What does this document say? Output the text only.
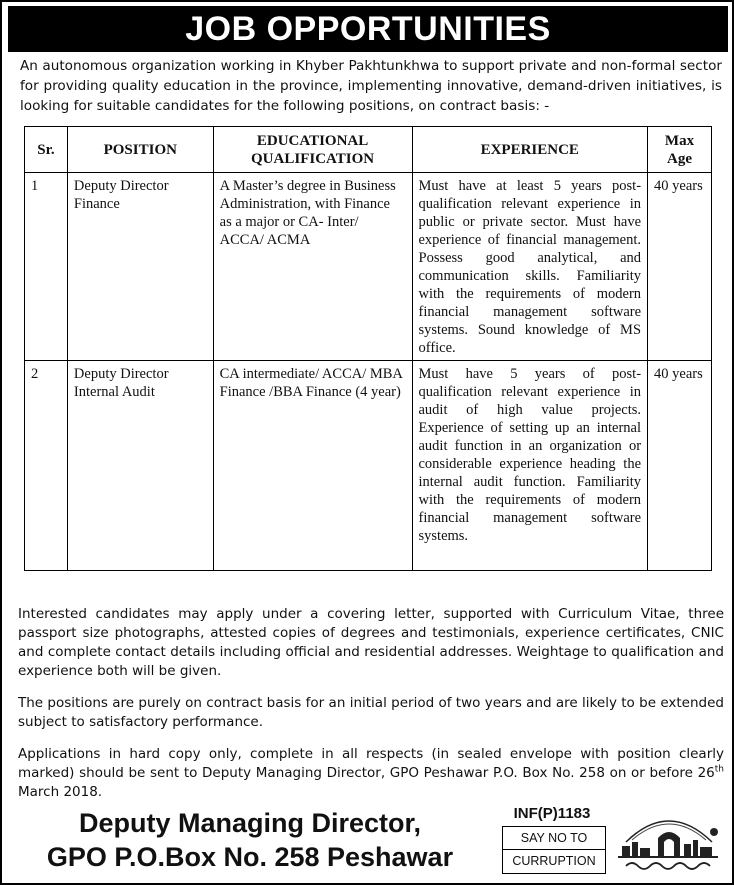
JOB OPPORTUNITIES

An autonomous organization working in Khyber Pakhtunkhwa to support private and non-formal sector for providing quality education in the province, implementing innovative, demand-driven initiatives, is looking for suitable candidates for the following positions, on contract basis: -

Sr.	POSITION	EDUCATIONAL QUALIFICATION	EXPERIENCE	Max Age
1	Deputy Director Finance	A Master’s degree in Business Administration, with Finance as a major or CA- Inter/ ACCA/ ACMA	Must have at least 5 years post-qualification relevant experience in public or private sector. Must have experience of financial management. Possess good analytical, and communication skills. Familiarity with the requirements of modern financial management software systems. Sound knowledge of MS office.	40 years
2	Deputy Director Internal Audit	CA intermediate/ ACCA/ MBA Finance /BBA Finance (4 year)	Must have 5 years of post-qualification relevant experience in audit of high value projects. Experience of setting up an internal audit function in an organization or considerable experience heading the internal audit function. Familiarity with the requirements of modern financial management software systems.	40 years

Interested candidates may apply under a covering letter, supported with Curriculum Vitae, three passport size photographs, attested copies of degrees and testimonials, experience certificates, CNIC and complete contact details including official and residential addresses. Weightage to qualification and experience both will be given.

The positions are purely on contract basis for an initial period of two years and are likely to be extended subject to satisfactory performance.

Applications in hard copy only, complete in all respects (in sealed envelope with position clearly marked) should be sent to Deputy Managing Director, GPO Peshawar P.O. Box No. 258 on or before 26th March 2018.

Deputy Managing Director,
GPO P.O.Box No. 258 Peshawar
INF(P)1183
SAY NO TO
CURRUPTION
